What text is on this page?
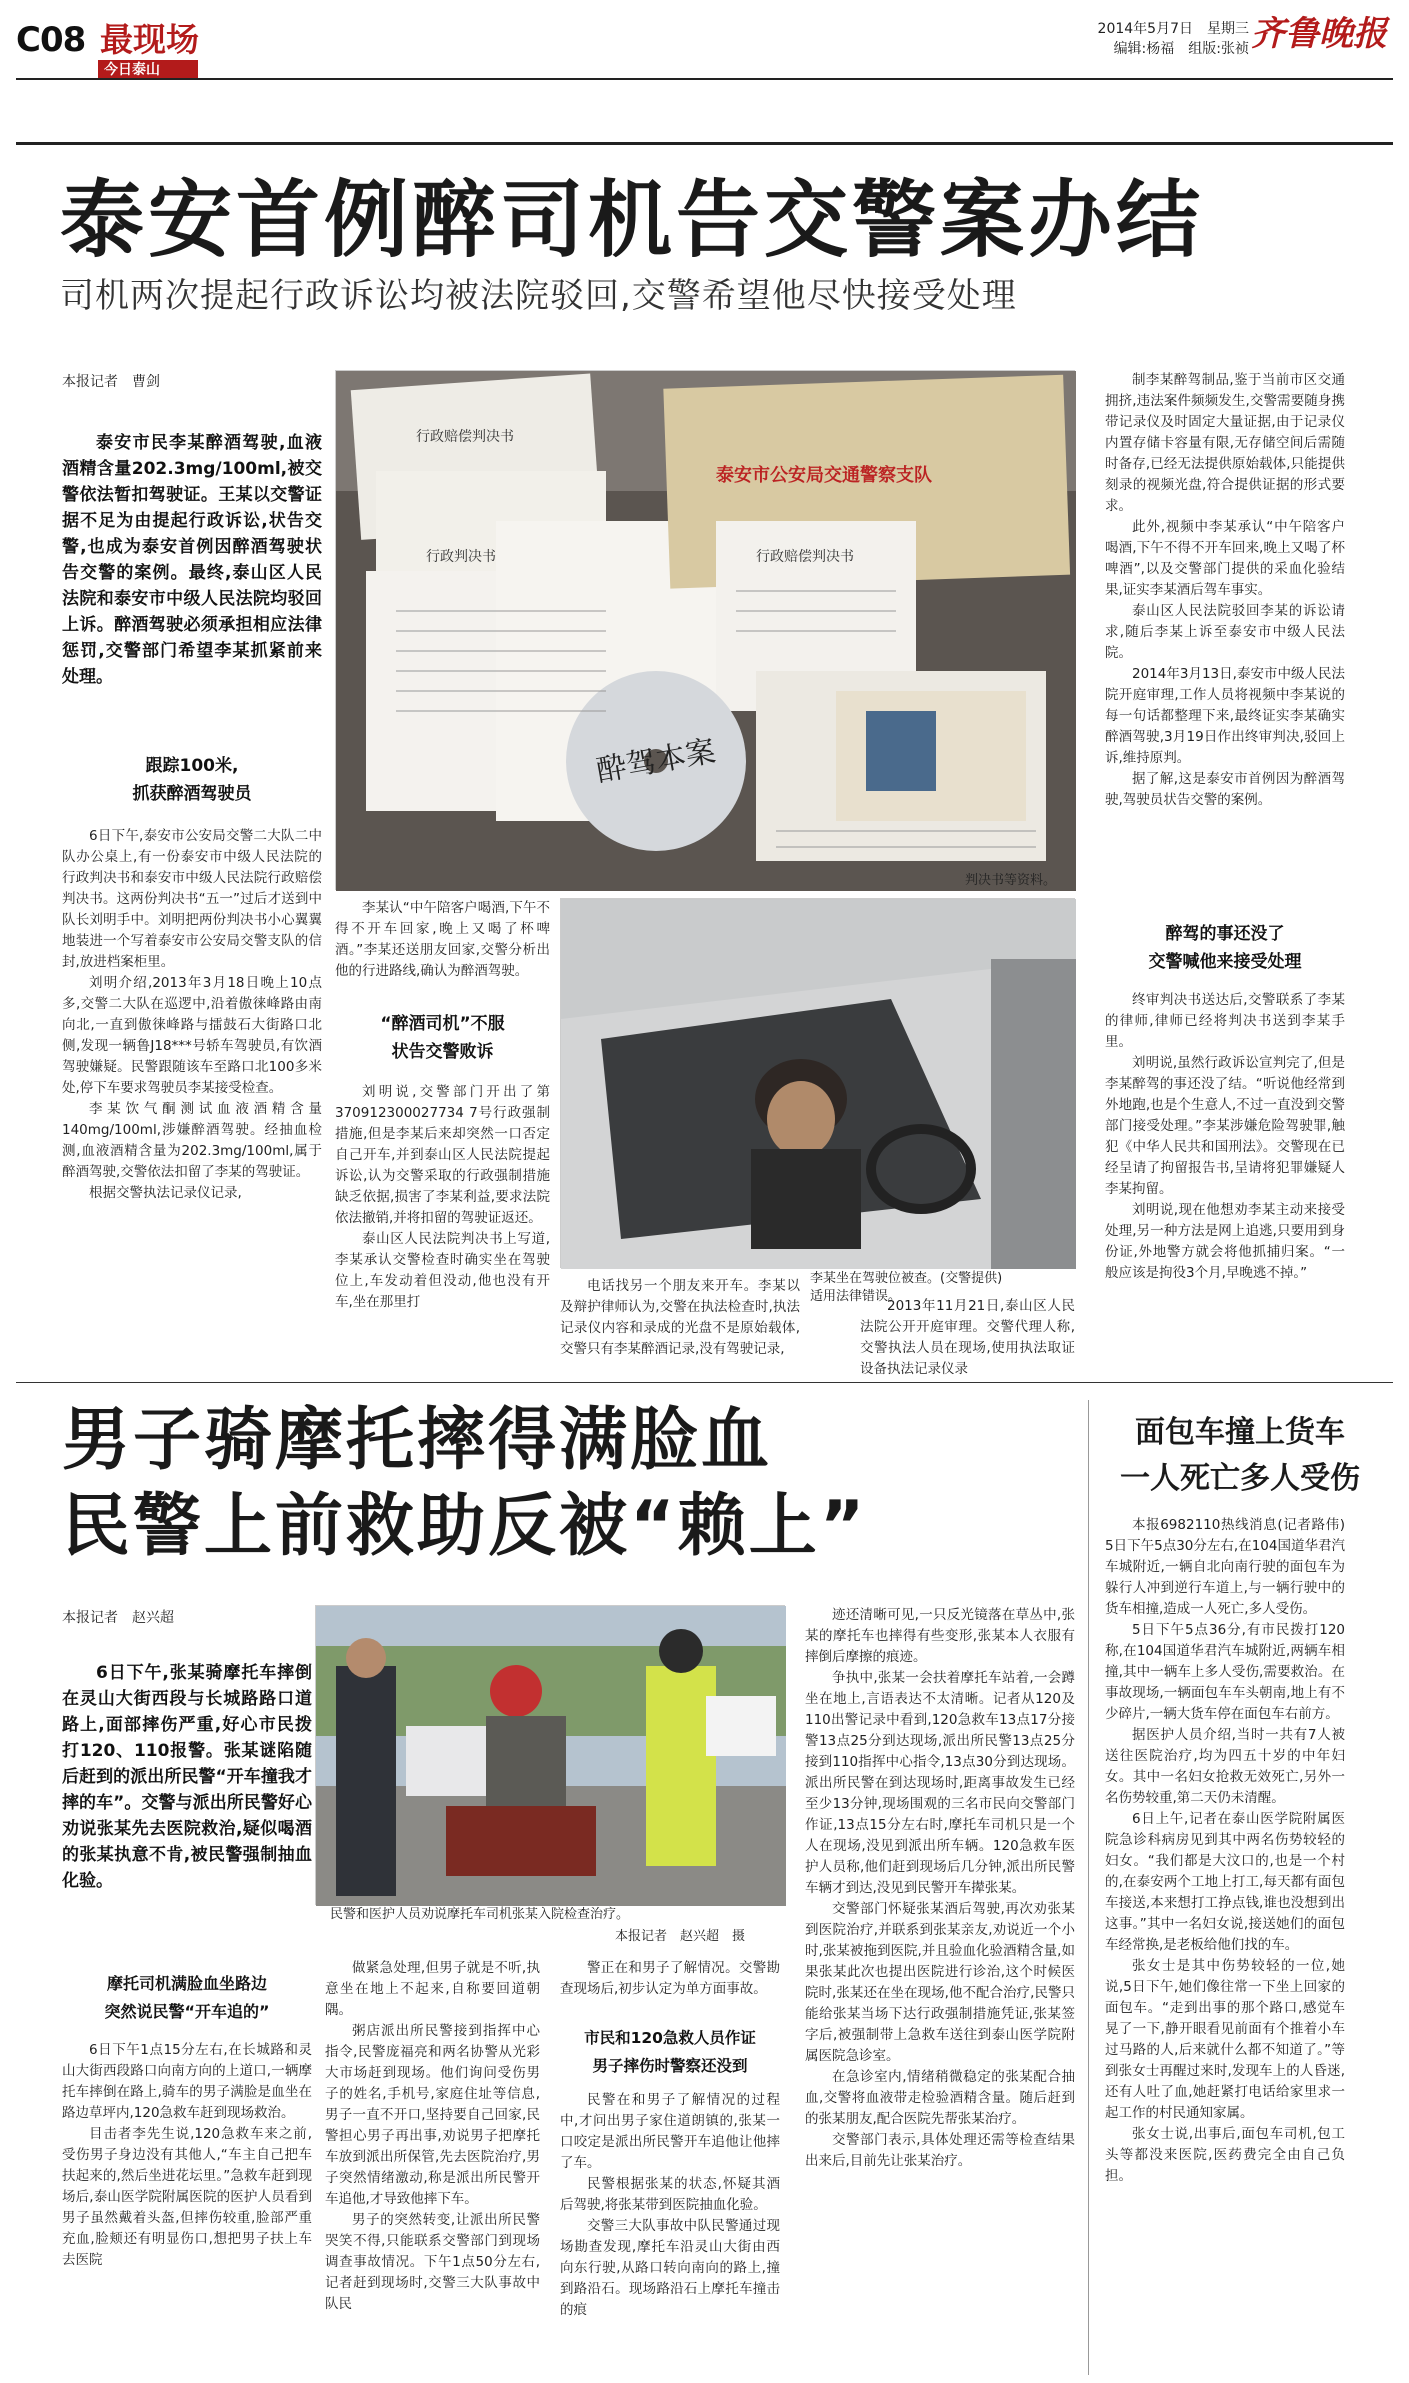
C08 最现场
今日泰山
2014年5月7日　星期三
编辑:杨福　组版:张祯 齐鲁晚报
泰安首例醉司机告交警案办结
司机两次提起行政诉讼均被法院驳回,交警希望他尽快接受处理
本报记者　曹剑
泰安市民李某醉酒驾驶,血液酒精含量202.3mg/100ml,被交警依法暂扣驾驶证。王某以交警证据不足为由提起行政诉讼,状告交警,也成为泰安首例因醉酒驾驶状告交警的案例。最终,泰山区人民法院和泰安市中级人民法院均驳回上诉。醉酒驾驶必须承担相应法律惩罚,交警部门希望李某抓紧前来处理。
跟踪100米,
抓获醉酒驾驶员

6日下午,泰安市公安局交警二大队二中队办公桌上,有一份泰安市中级人民法院的行政判决书和泰安市中级人民法院行政赔偿判决书。这两份判决书“五一”过后才送到中队长刘明手中。刘明把两份判决书小心翼翼地装进一个写着泰安市公安局交警支队的信封,放进档案柜里。

刘明介绍,2013年3月18日晚上10点多,交警二大队在巡逻中,沿着傲徕峰路由南向北,一直到傲徕峰路与擂鼓石大街路口北侧,发现一辆鲁J18***号轿车驾驶员,有饮酒驾驶嫌疑。民警跟随该车至路口北100多米处,停下车要求驾驶员李某接受检查。

李某饮气酮测试血液酒精含量140mg/100ml,涉嫌醉酒驾驶。经抽血检测,血液酒精含量为202.3mg/100ml,属于醉酒驾驶,交警依法扣留了李某的驾驶证。

根据交警执法记录仪记录,

泰安市公安局交通警察支队
行政赔偿判决书
行政判决书	行政赔偿判决书
酔驾本案
判决书等资料。

李某认“中午陪客户喝酒,下午不得不开车回家,晚上又喝了杯啤酒。”李某还送朋友回家,交警分析出他的行进路线,确认为醉酒驾驶。

“醉酒司机”不服
状告交警败诉

刘明说,交警部门开出了第370912300027734 7号行政强制措施,但是李某后来却突然一口否定自己开车,并到泰山区人民法院提起诉讼,认为交警采取的行政强制措施缺乏依据,损害了李某利益,要求法院依法撤销,并将扣留的驾驶证返还。

泰山区人民法院判决书上写道,李某承认交警检查时确实坐在驾驶位上,车发动着但没动,他也没有开车,坐在那里打

李某坐在驾驶位被查。(交警提供)　　　　　　适用法律错误。

电话找另一个朋友来开车。李某以及辩护律师认为,交警在执法检查时,执法记录仪内容和录成的光盘不是原始载体,交警只有李某醉酒记录,没有驾驶记录,

2013年11月21日,泰山区人民法院公开开庭审理。交警代理人称,交警执法人员在现场,使用执法取证设备执法记录仪录

制李某醉驾制品,鉴于当前市区交通拥挤,违法案件频频发生,交警需要随身携带记录仪及时固定大量证据,由于记录仪内置存储卡容量有限,无存储空间后需随时备存,已经无法提供原始载体,只能提供刻录的视频光盘,符合提供证据的形式要求。

此外,视频中李某承认“中午陪客户喝酒,下午不得不开车回来,晚上又喝了杯啤酒”,以及交警部门提供的采血化验结果,证实李某酒后驾车事实。

泰山区人民法院驳回李某的诉讼请求,随后李某上诉至泰安市中级人民法院。

2014年3月13日,泰安市中级人民法院开庭审理,工作人员将视频中李某说的每一句话都整理下来,最终证实李某确实醉酒驾驶,3月19日作出终审判决,驳回上诉,维持原判。

据了解,这是泰安市首例因为醉酒驾驶,驾驶员状告交警的案例。

醉驾的事还没了
交警喊他来接受处理

终审判决书送达后,交警联系了李某的律师,律师已经将判决书送到李某手里。

刘明说,虽然行政诉讼宣判完了,但是李某醉驾的事还没了结。“听说他经常到外地跑,也是个生意人,不过一直没到交警部门接受处理。”李某涉嫌危险驾驶罪,触犯《中华人民共和国刑法》。交警现在已经呈请了拘留报告书,呈请将犯罪嫌疑人李某拘留。

刘明说,现在他想劝李某主动来接受处理,另一种方法是网上追逃,只要用到身份证,外地警方就会将他抓捕归案。“一般应该是拘役3个月,早晚逃不掉。”

男子骑摩托摔得满脸血
民警上前救助反被“赖上”
本报记者　赵兴超
6日下午,张某骑摩托车摔倒在灵山大街西段与长城路路口道路上,面部摔伤严重,好心市民拨打120、110报警。张某谜陷随后赶到的派出所民警“开车撞我才摔的车”。交警与派出所民警好心劝说张某先去医院救治,疑似喝酒的张某执意不肯,被民警强制抽血化验。
摩托司机满脸血坐路边
突然说民警“开车追的”

6日下午1点15分左右,在长城路和灵山大街西段路口向南方向的上道口,一辆摩托车摔倒在路上,骑车的男子满脸是血坐在路边草坪内,120急救车赶到现场救治。

目击者李先生说,120急救车来之前,受伤男子身边没有其他人,“车主自己把车扶起来的,然后坐进花坛里。”急救车赶到现场后,泰山医学院附属医院的医护人员看到男子虽然戴着头盔,但摔伤较重,脸部严重充血,脸颊还有明显伤口,想把男子扶上车去医院

民警和医护人员劝说摩托车司机张某入院检查治疗。
本报记者　赵兴超　摄

做紧急处理,但男子就是不听,执意坐在地上不起来,自称要回道朝隅。

粥店派出所民警接到指挥中心指令,民警庞福亮和两名协警从光彩大市场赶到现场。他们询问受伤男子的姓名,手机号,家庭住址等信息,男子一直不开口,坚持要自己回家,民警担心男子再出事,劝说男子把摩托车放到派出所保管,先去医院治疗,男子突然情绪激动,称是派出所民警开车追他,才导致他摔下车。

男子的突然转变,让派出所民警哭笑不得,只能联系交警部门到现场调查事故情况。下午1点50分左右,记者赶到现场时,交警三大队事故中队民

警正在和男子了解情况。交警勘查现场后,初步认定为单方面事故。

市民和120急救人员作证
男子摔伤时警察还没到

民警在和男子了解情况的过程中,才问出男子家住道朗镇的,张某一口咬定是派出所民警开车追他让他摔了车。

民警根据张某的状态,怀疑其酒后驾驶,将张某带到医院抽血化验。

交警三大队事故中队民警通过现场勘查发现,摩托车沿灵山大街由西向东行驶,从路口转向南向的路上,撞到路沿石。现场路沿石上摩托车撞击的痕

迹还清晰可见,一只反光镜落在草丛中,张某的摩托车也摔得有些变形,张某本人衣服有摔倒后摩擦的痕迹。

争执中,张某一会扶着摩托车站着,一会蹲坐在地上,言语表达不太清晰。记者从120及110出警记录中看到,120急救车13点17分接警13点25分到达现场,派出所民警13点25分接到110指挥中心指令,13点30分到达现场。派出所民警在到达现场时,距离事故发生已经至少13分钟,现场围观的三名市民向交警部门作证,13点15分左右时,摩托车司机只是一个人在现场,没见到派出所车辆。120急救车医护人员称,他们赶到现场后几分钟,派出所民警车辆才到达,没见到民警开车撵张某。

交警部门怀疑张某酒后驾驶,再次劝张某到医院治疗,并联系到张某亲友,劝说近一个小时,张某被拖到医院,并且验血化验酒精含量,如果张某此次也提出医院进行诊治,这个时候医院时,张某还在坐在现场,他不配合治疗,民警只能给张某当场下达行政强制措施凭证,张某签字后,被强制带上急救车送往到泰山医学院附属医院急诊室。

在急诊室内,情绪稍微稳定的张某配合抽血,交警将血液带走检验酒精含量。随后赶到的张某朋友,配合医院先帮张某治疗。

交警部门表示,具体处理还需等检查结果出来后,目前先让张某治疗。

面包车撞上货车
一人死亡多人受伤

本报6982110热线消息(记者路伟)　5日下午5点30分左右,在104国道华君汽车城附近,一辆自北向南行驶的面包车为躲行人冲到逆行车道上,与一辆行驶中的货车相撞,造成一人死亡,多人受伤。

5日下午5点36分,有市民拨打120称,在104国道华君汽车城附近,两辆车相撞,其中一辆车上多人受伤,需要救治。在事故现场,一辆面包车车头朝南,地上有不少碎片,一辆大货车停在面包车右前方。

据医护人员介绍,当时一共有7人被送往医院治疗,均为四五十岁的中年妇女。其中一名妇女抢救无效死亡,另外一名伤势较重,第二天仍未清醒。

6日上午,记者在泰山医学院附属医院急诊科病房见到其中两名伤势较轻的妇女。“我们都是大汶口的,也是一个村的,在泰安两个工地上打工,每天都有面包车接送,本来想打工挣点钱,谁也没想到出这事。”其中一名妇女说,接送她们的面包车经常换,是老板给他们找的车。

张女士是其中伤势较轻的一位,她说,5日下午,她们像往常一下坐上回家的面包车。“走到出事的那个路口,感觉车晃了一下,静开眼看见前面有个推着小车过马路的人,后来就什么都不知道了。”等到张女士再醒过来时,发现车上的人昏迷,还有人吐了血,她赶紧打电话给家里求一起工作的村民通知家属。

张女士说,出事后,面包车司机,包工头等都没来医院,医药费完全由自己负担。
